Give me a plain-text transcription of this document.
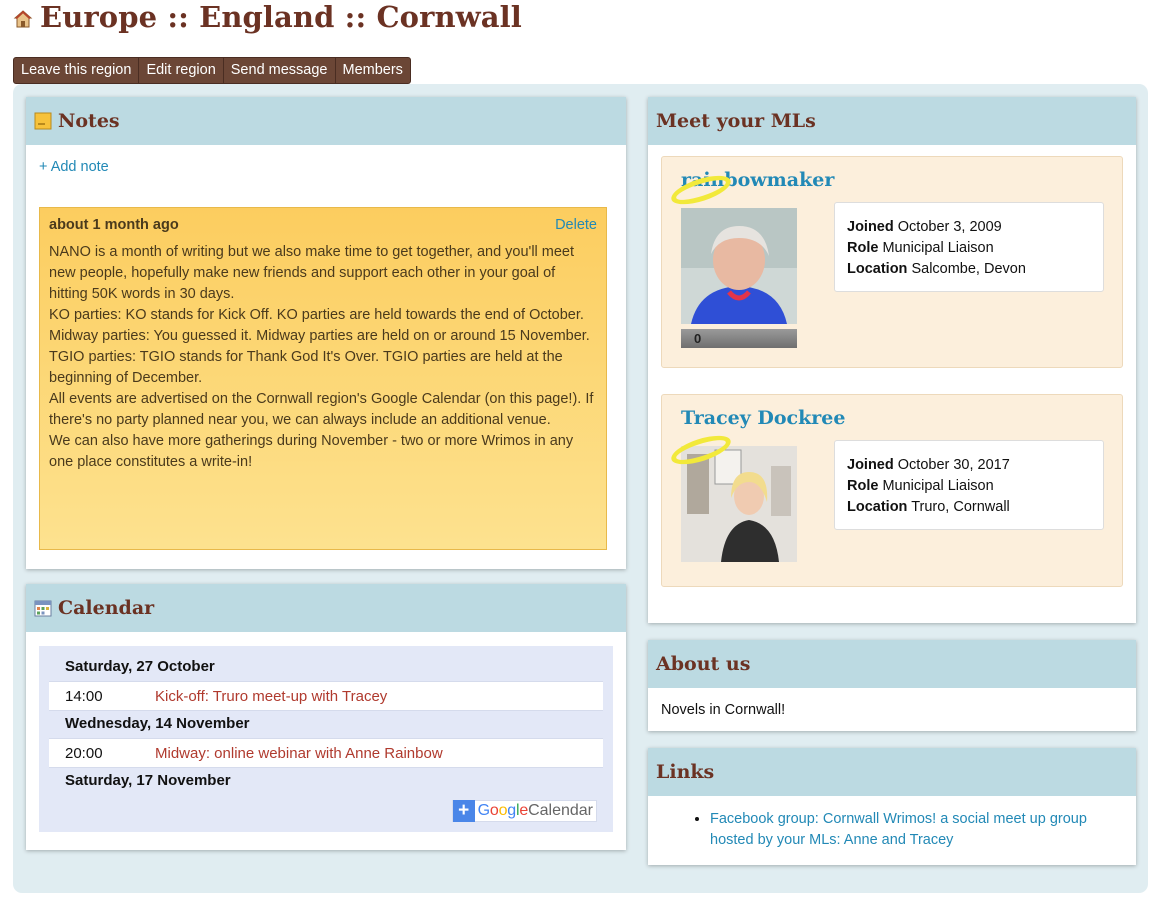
Europe :: England :: Cornwall
Leave this region	Edit region	Send message	Members
Notes
+ Add note
about 1 month ago	Delete

NANO is a month of writing but we also make time to get together, and you'll meet new people, hopefully make new friends and support each other in your goal of hitting 50K words in 30 days.

KO parties: KO stands for Kick Off. KO parties are held towards the end of October.

Midway parties: You guessed it. Midway parties are held on or around 15 November.

TGIO parties: TGIO stands for Thank God It's Over. TGIO parties are held at the beginning of December.

All events are advertised on the Cornwall region's Google Calendar (on this page!). If there's no party planned near you, we can always include an additional venue.

We can also have more gatherings during November - two or more Wrimos in any one place constitutes a write-in!

Calendar
Saturday, 27 October
14:00	Kick-off: Truro meet-up with Tracey
Wednesday, 14 November
20:00	Midway: online webinar with Anne Rainbow
Saturday, 17 November
+ Google Calendar
Meet your MLs
rainbowmaker
0
Joined October 3, 2009
Role Municipal Liaison
Location Salcombe, Devon
Tracey Dockree
Joined October 30, 2017
Role Municipal Liaison
Location Truro, Cornwall
About us
Novels in Cornwall!
Links
• Facebook group: Cornwall Wrimos! a social meet up group hosted by your MLs: Anne and Tracey
